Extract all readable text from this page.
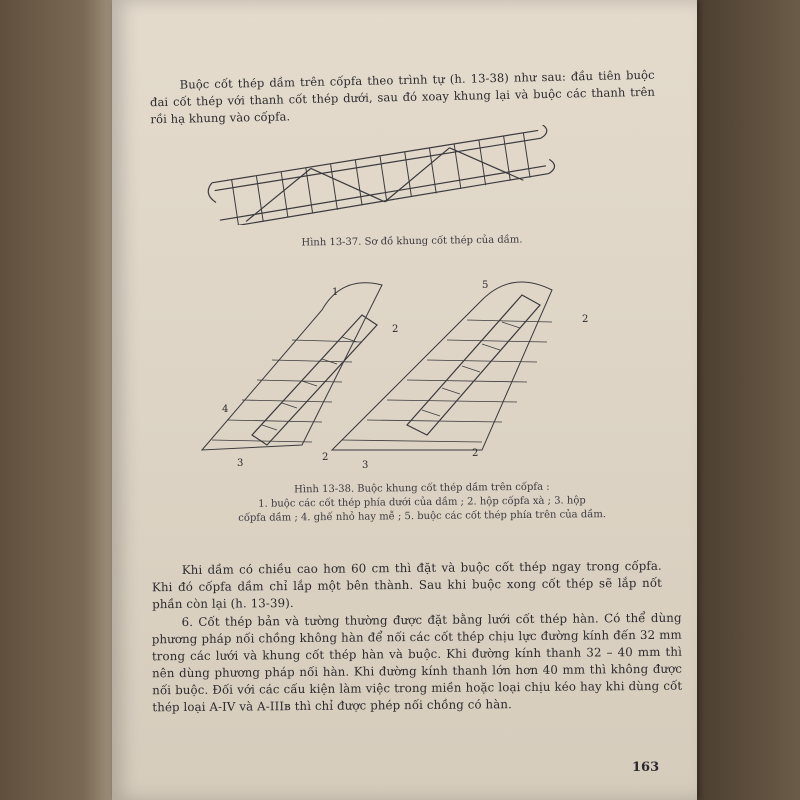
Buộc cốt thép dầm trên cốpfa theo trình tự (h. 13-38) như sau: đầu tiên buộc đai cốt thép với thanh cốt thép dưới, sau đó xoay khung lại và buộc các thanh trên rồi hạ khung vào cốpfa.

Hình 13-37. Sơ đồ khung cốt thép của dầm.

1
2
4
3
2
5
2
3
2
Hình 13-38. Buộc khung cốt thép dầm trên cốpfa :
1. buộc các cốt thép phía dưới của dầm ; 2. hộp cốpfa xà ; 3. hộp
cốpfa dầm ; 4. ghế nhỏ hay mễ ; 5. buộc các cốt thép phía trên của dầm.

Khi dầm có chiều cao hơn 60 cm thì đặt và buộc cốt thép ngay trong cốpfa. Khi đó cốpfa dầm chỉ lắp một bên thành. Sau khi buộc xong cốt thép sẽ lắp nốt phần còn lại (h. 13-39).

6. Cốt thép bản và tường thường được đặt bằng lưới cốt thép hàn. Có thể dùng phương pháp nối chồng không hàn để nối các cốt thép chịu lực đường kính đến 32 mm trong các lưới và khung cốt thép hàn và buộc. Khi đường kính thanh 32 – 40 mm thì nên dùng phương pháp nối hàn. Khi đường kính thanh lớn hơn 40 mm thì không được nối buộc. Đối với các cấu kiện làm việc trong miền hoặc loại chịu kéo hay khi dùng cốt thép loại A-IV và A-IIIв thì chỉ được phép nối chồng có hàn.

163
